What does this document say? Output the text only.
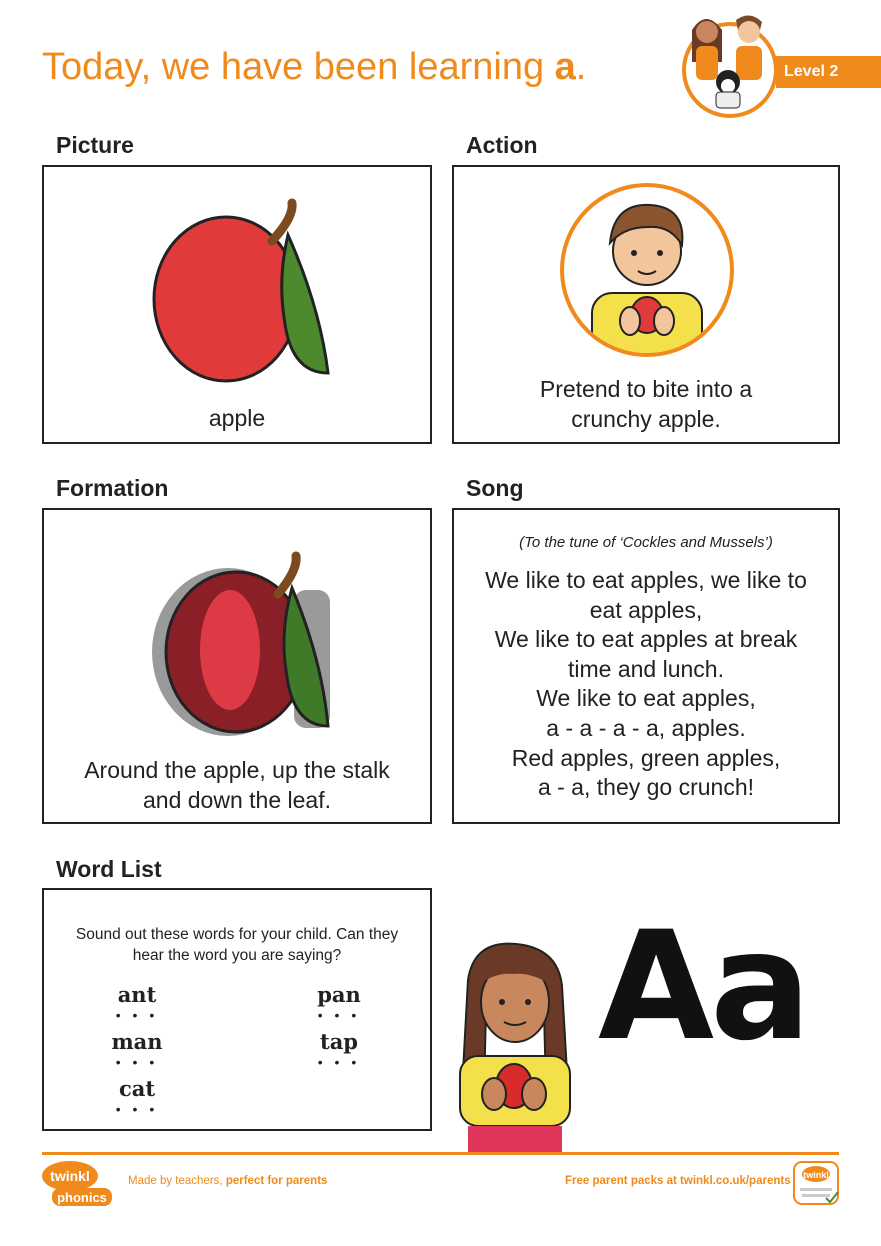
Today, we have been learning a.	Level 2
Picture
apple
Action
Pretend to bite into a
crunchy apple.
Formation
Around the apple, up the stalk
and down the leaf.
Song
(To the tune of ‘Cockles and Mussels’)
We like to eat apples, we like to
eat apples,
We like to eat apples at break
time and lunch.
We like to eat apples,
a - a - a - a, apples.
Red apples, green apples,
a - a, they go crunch!
Word List
Sound out these words for your child. Can they
hear the word you are saying?
ant
• • •
pan
• • •
man
• • •
tap
• • •
cat
• • •
Aa
twinkl
phonics
Made by teachers, perfect for parents	Free parent packs at twinkl.co.uk/parents twinkl
